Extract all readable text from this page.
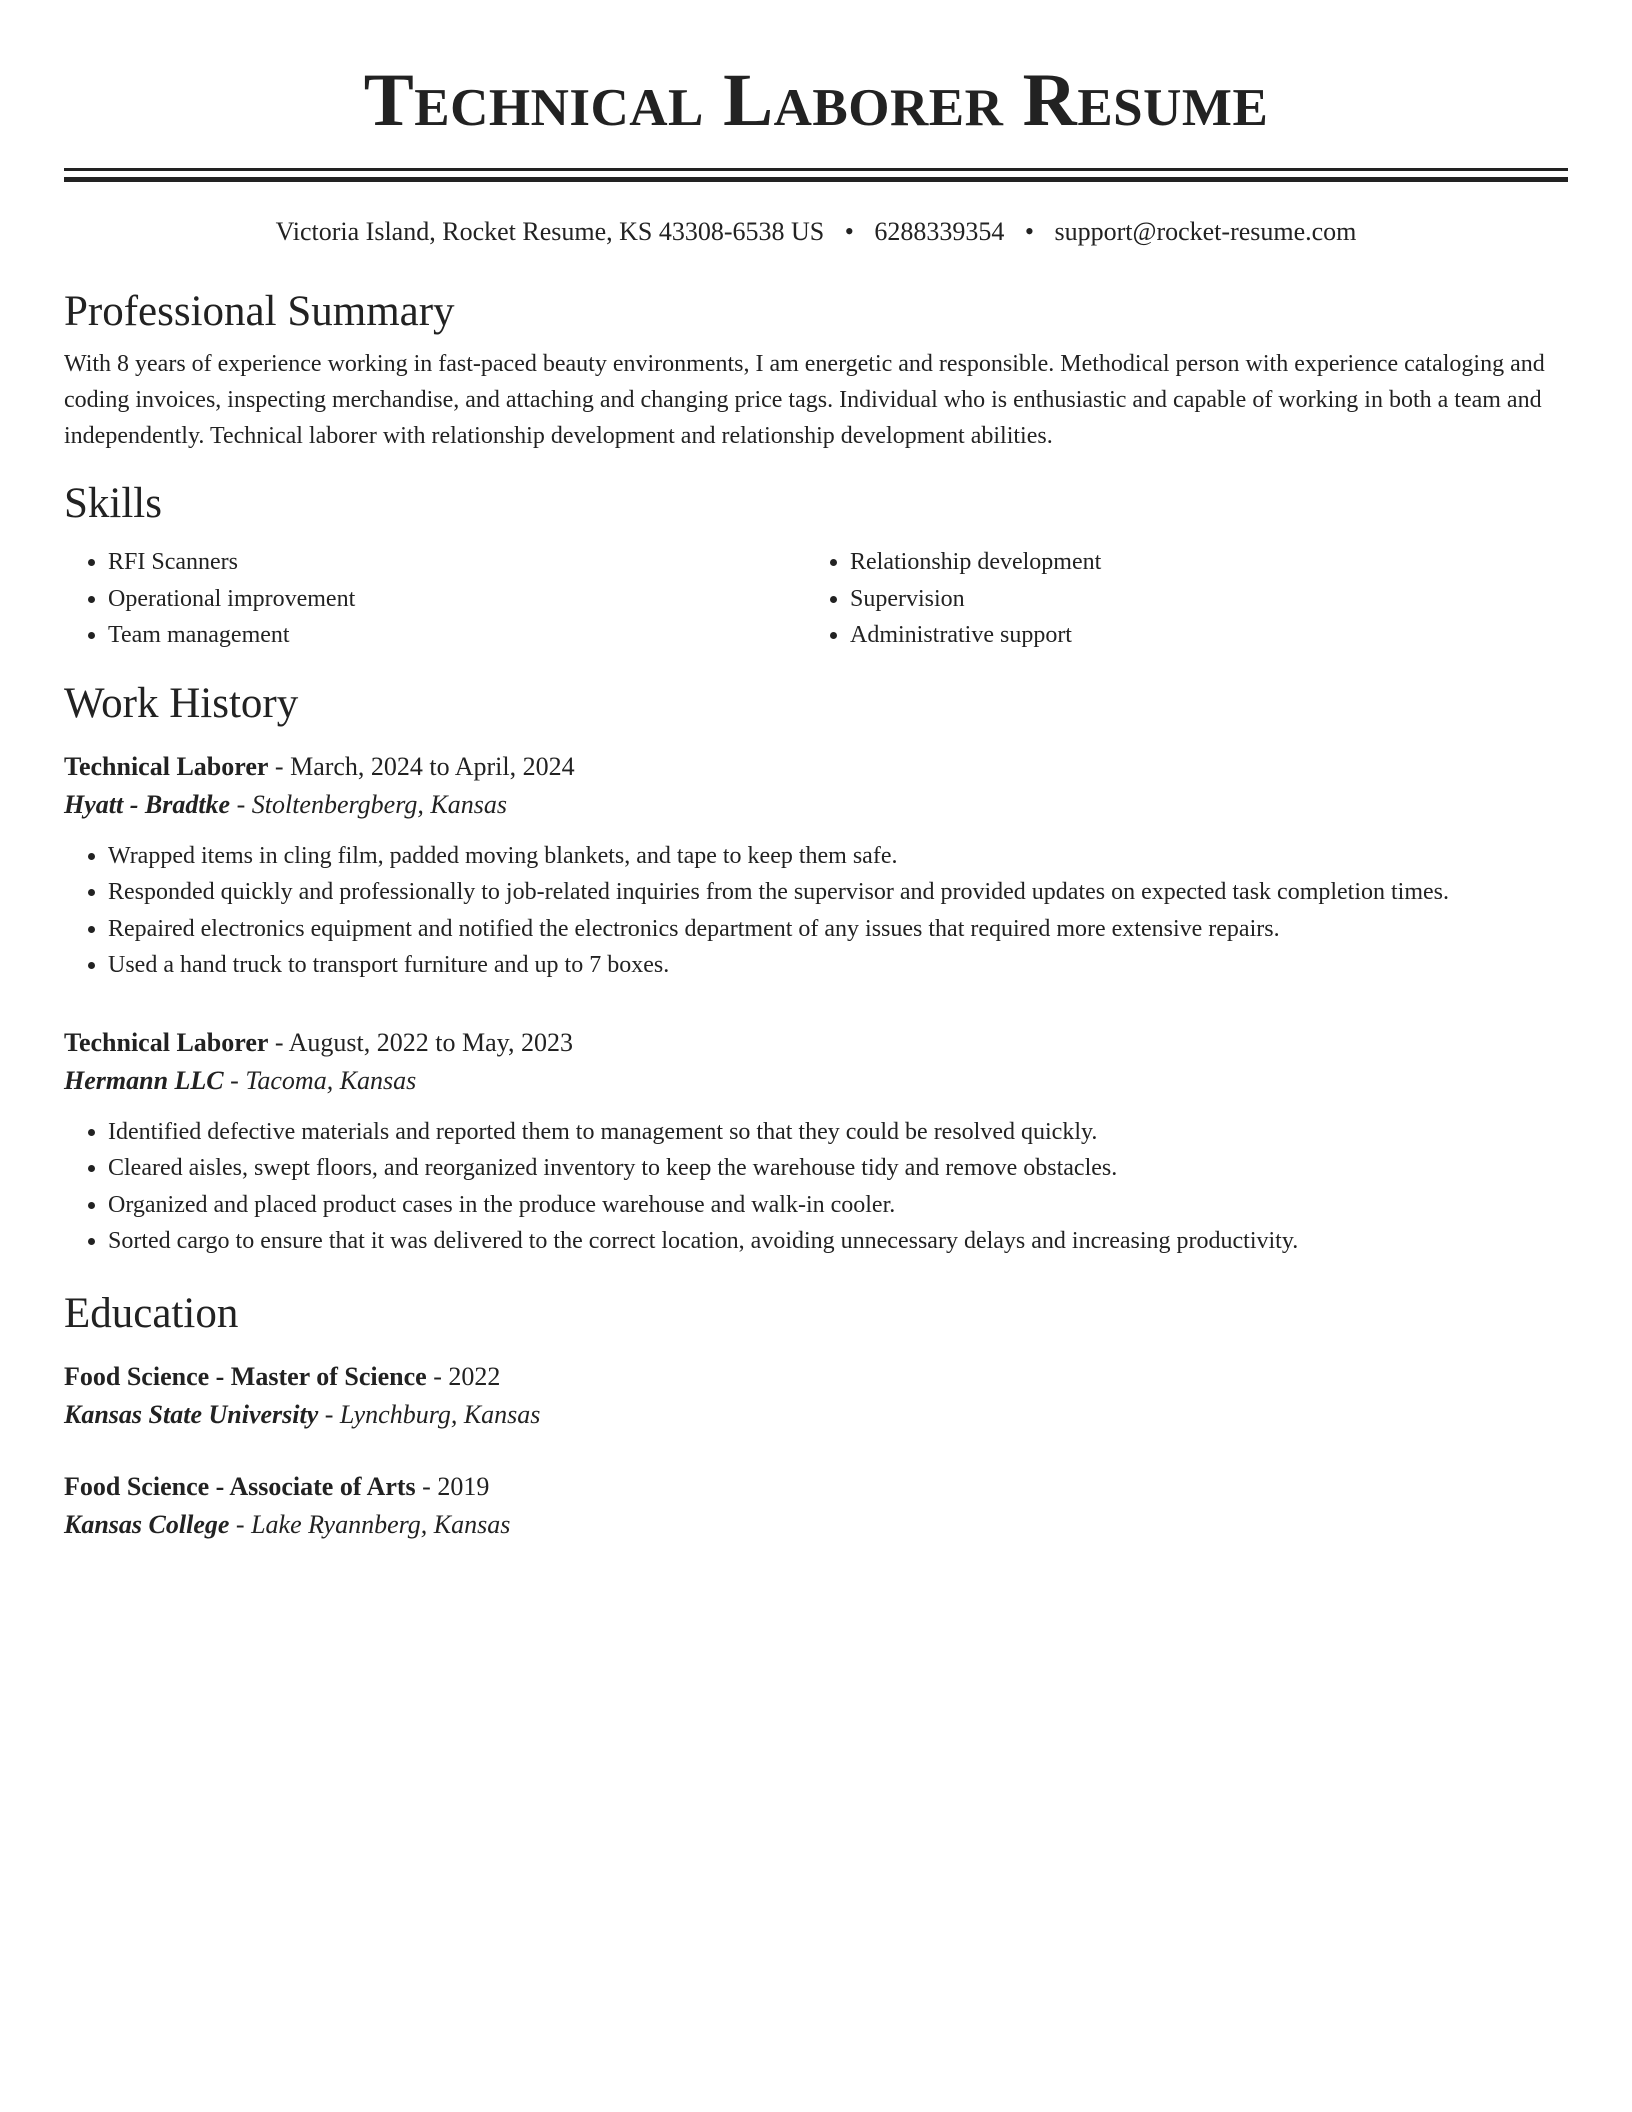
Technical Laborer Resume
Victoria Island, Rocket Resume, KS 43308-6538 US • 6288339354 • support@rocket-resume.com
Professional Summary

With 8 years of experience working in fast-paced beauty environments, I am energetic and responsible. Methodical person with experience cataloging and coding invoices, inspecting merchandise, and attaching and changing price tags. Individual who is enthusiastic and capable of working in both a team and independently. Technical laborer with relationship development and relationship development abilities.

Skills
• RFI Scanners
• Operational improvement
• Team management
• Relationship development
• Supervision
• Administrative support
Work History
Technical Laborer - March, 2024 to April, 2024
Hyatt - Bradtke - Stoltenbergberg, Kansas
• Wrapped items in cling film, padded moving blankets, and tape to keep them safe.
• Responded quickly and professionally to job-related inquiries from the supervisor and provided updates on expected task completion times.
• Repaired electronics equipment and notified the electronics department of any issues that required more extensive repairs.
• Used a hand truck to transport furniture and up to 7 boxes.
Technical Laborer - August, 2022 to May, 2023
Hermann LLC - Tacoma, Kansas
• Identified defective materials and reported them to management so that they could be resolved quickly.
• Cleared aisles, swept floors, and reorganized inventory to keep the warehouse tidy and remove obstacles.
• Organized and placed product cases in the produce warehouse and walk-in cooler.
• Sorted cargo to ensure that it was delivered to the correct location, avoiding unnecessary delays and increasing productivity.
Education
Food Science - Master of Science - 2022
Kansas State University - Lynchburg, Kansas
Food Science - Associate of Arts - 2019
Kansas College - Lake Ryannberg, Kansas
